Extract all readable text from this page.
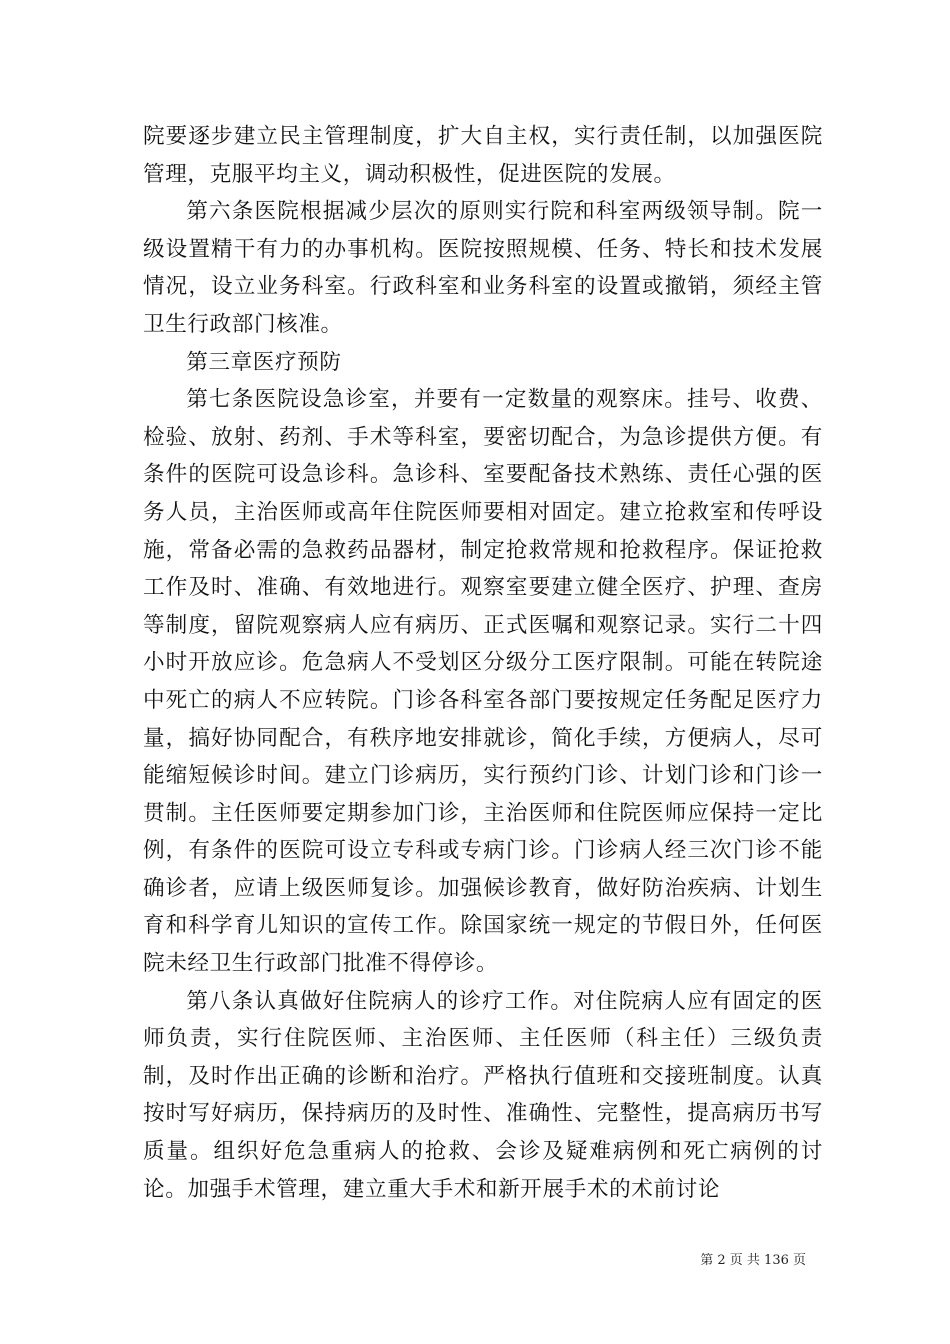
院要逐步建立民主管理制度，扩大自主权，实行责任制，以加强医院管理，克服平均主义，调动积极性，促进医院的发展。

第六条医院根据减少层次的原则实行院和科室两级领导制。院一级设置精干有力的办事机构。医院按照规模、任务、特长和技术发展情况，设立业务科室。行政科室和业务科室的设置或撤销，须经主管卫生行政部门核准。

第三章医疗预防

第七条医院设急诊室，并要有一定数量的观察床。挂号、收费、检验、放射、药剂、手术等科室，要密切配合，为急诊提供方便。有条件的医院可设急诊科。急诊科、室要配备技术熟练、责任心强的医务人员，主治医师或高年住院医师要相对固定。建立抢救室和传呼设施，常备必需的急救药品器材，制定抢救常规和抢救程序。保证抢救工作及时、准确、有效地进行。观察室要建立健全医疗、护理、查房等制度，留院观察病人应有病历、正式医嘱和观察记录。实行二十四小时开放应诊。危急病人不受划区分级分工医疗限制。可能在转院途中死亡的病人不应转院。门诊各科室各部门要按规定任务配足医疗力量，搞好协同配合，有秩序地安排就诊，简化手续，方便病人，尽可能缩短候诊时间。建立门诊病历，实行预约门诊、计划门诊和门诊一贯制。主任医师要定期参加门诊，主治医师和住院医师应保持一定比例，有条件的医院可设立专科或专病门诊。门诊病人经三次门诊不能确诊者，应请上级医师复诊。加强候诊教育，做好防治疾病、计划生育和科学育儿知识的宣传工作。除国家统一规定的节假日外，任何医院未经卫生行政部门批准不得停诊。

第八条认真做好住院病人的诊疗工作。对住院病人应有固定的医师负责，实行住院医师、主治医师、主任医师（科主任）三级负责制，及时作出正确的诊断和治疗。严格执行值班和交接班制度。认真按时写好病历，保持病历的及时性、准确性、完整性，提高病历书写质量。组织好危急重病人的抢救、会诊及疑难病例和死亡病例的讨论。加强手术管理，建立重大手术和新开展手术的术前讨论

第 2 页 共 136 页
